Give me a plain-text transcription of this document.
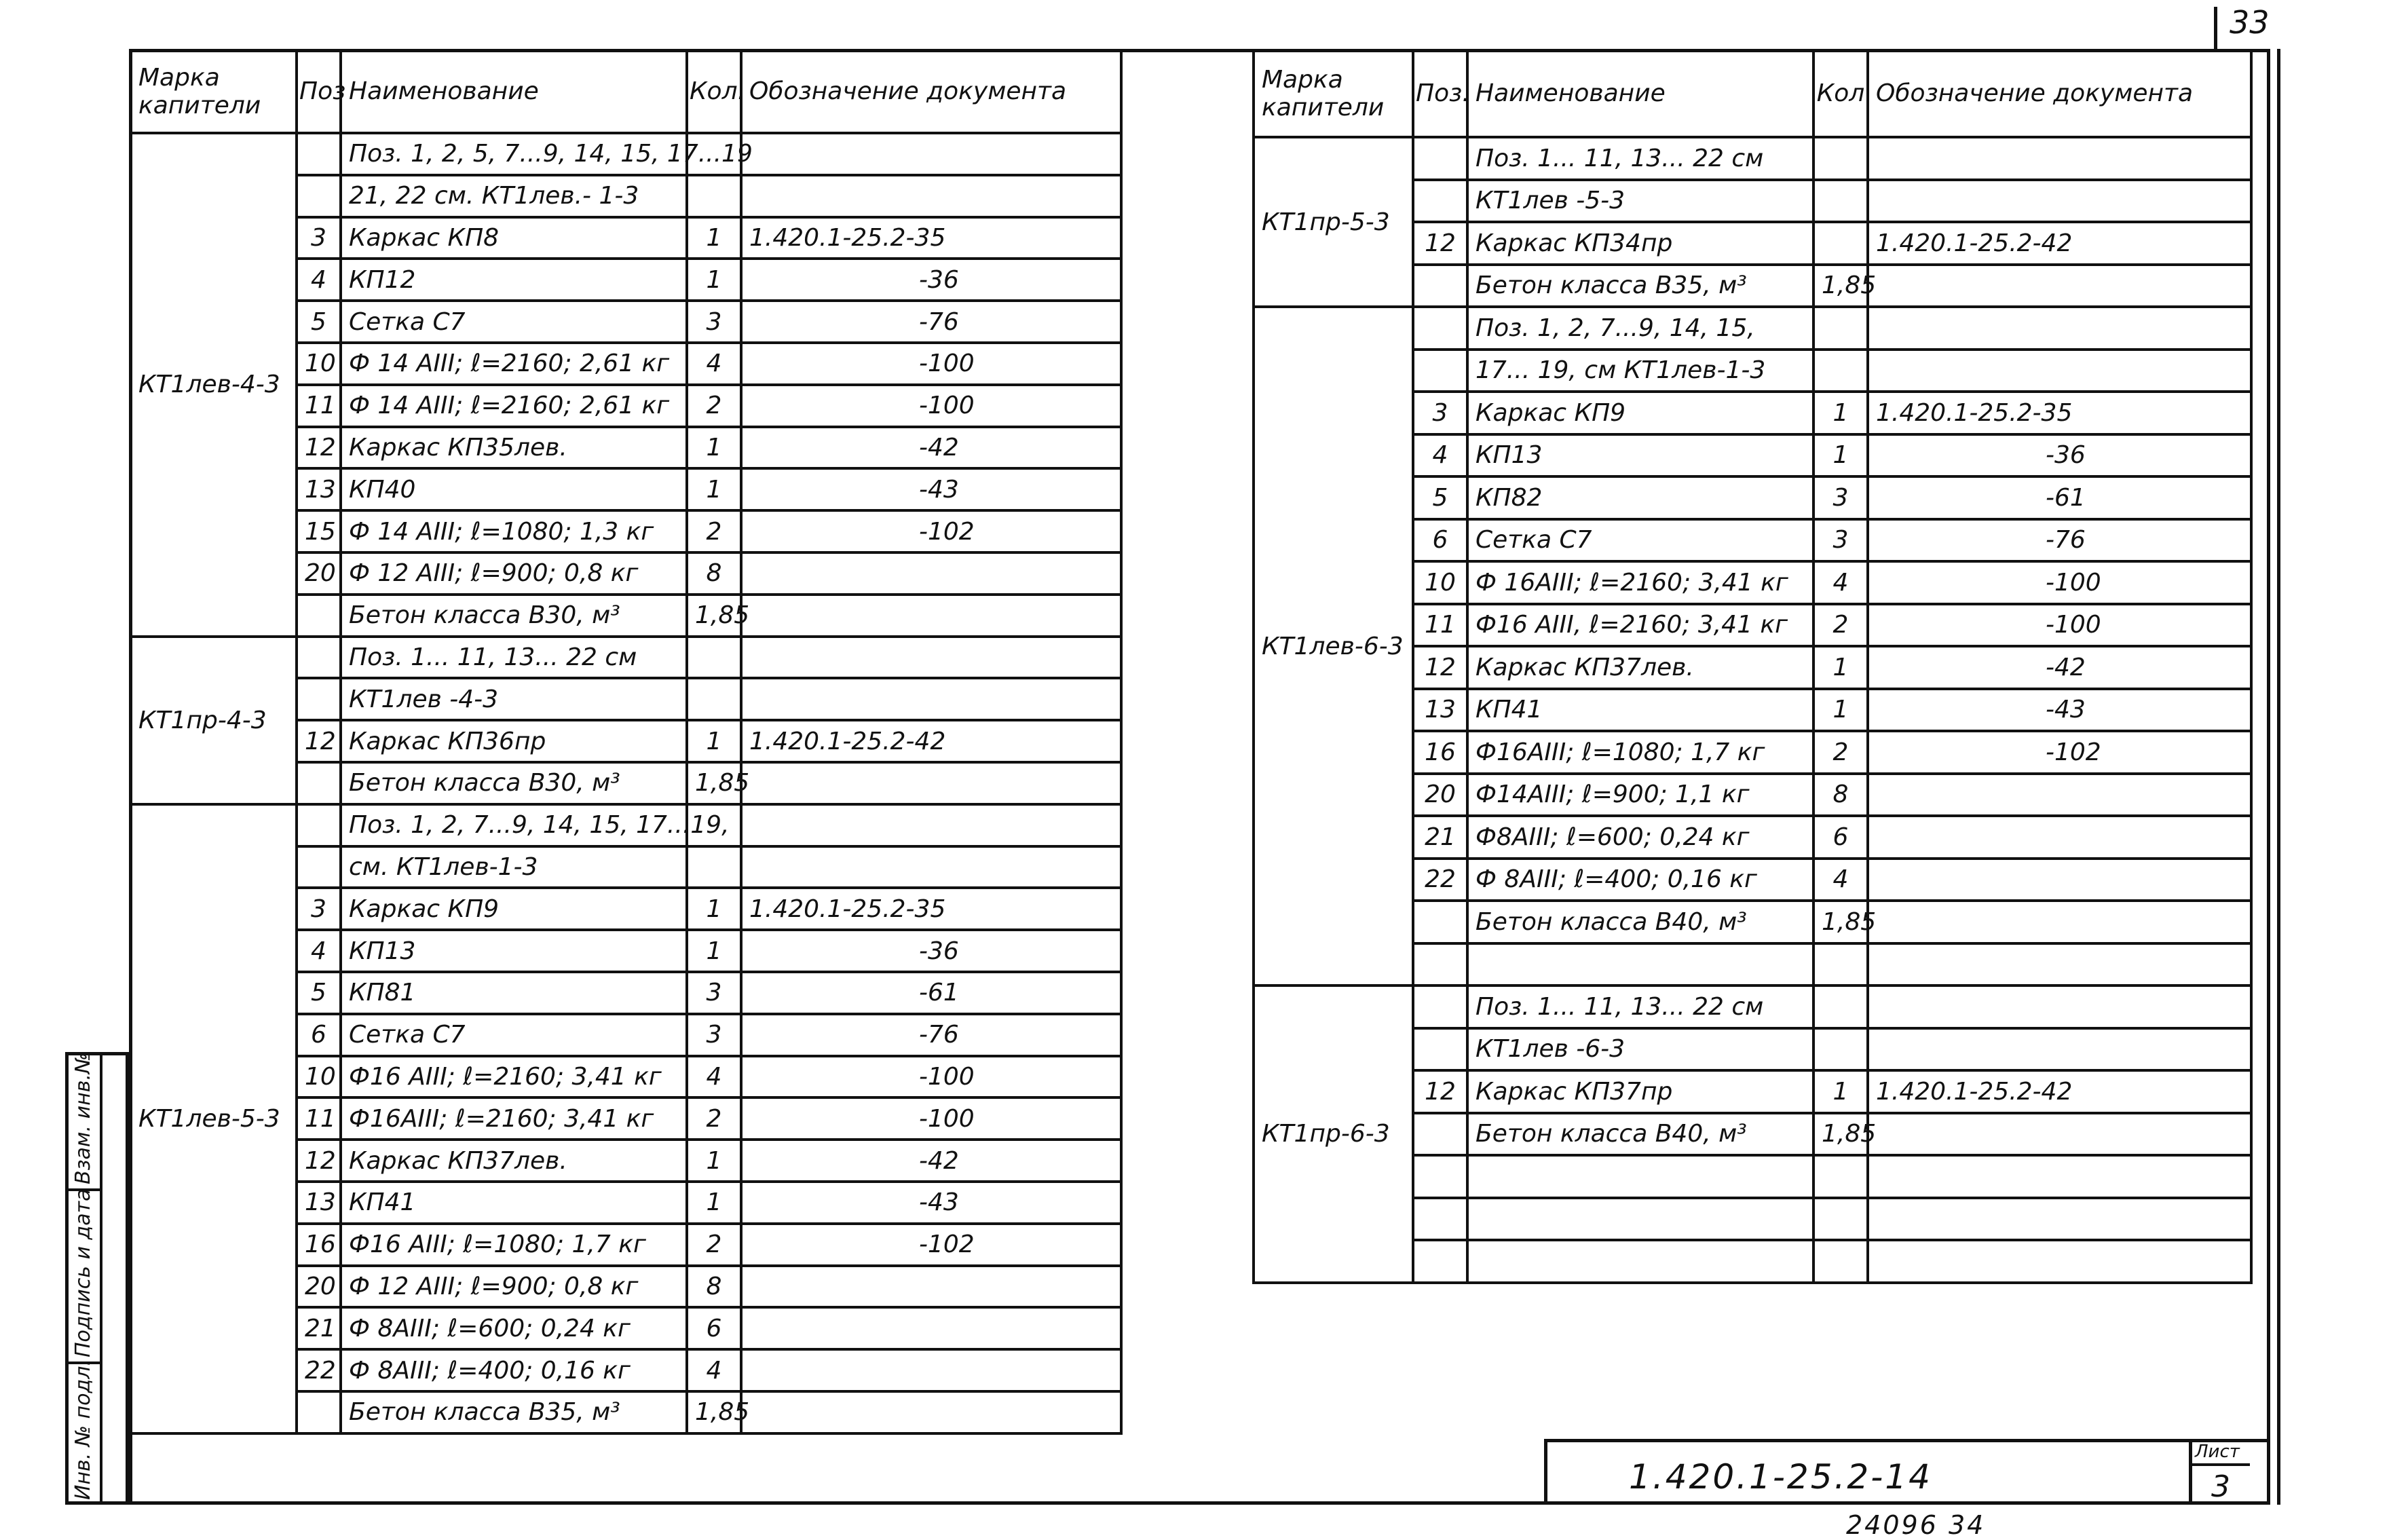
33
Марка капители	Поз	Наименование	Кол.	Обозначение документа
КТ1лев-4-3		Поз. 1, 2, 5, 7...9, 14, 15, 17...19		
		21, 22 см. КТ1лев.- 1-3		
	3	Каркас КП8	1	1.420.1-25.2-35
	4	КП12	1	-36
	5	Сетка С7	3	-76
	10	Ф 14 AIII; ℓ=2160; 2,61 кг	4	-100
	11	Ф 14 AIII; ℓ=2160; 2,61 кг	2	-100
	12	Каркас КП35лев.	1	-42
	13	КП40	1	-43
	15	Ф 14 AIII; ℓ=1080; 1,3 кг	2	-102
	20	Ф 12 AIII; ℓ=900; 0,8 кг	8	
		Бетон класса В30, м³	1,85	
КТ1пр-4-3		Поз. 1... 11, 13... 22 см		
		КТ1лев -4-3		
	12	Каркас КП36пр	1	1.420.1-25.2-42
		Бетон класса В30, м³	1,85	
КТ1лев-5-3		Поз. 1, 2, 7...9, 14, 15, 17...19,		
		см. КТ1лев-1-3		
	3	Каркас КП9	1	1.420.1-25.2-35
	4	КП13	1	-36
	5	КП81	3	-61
	6	Сетка С7	3	-76
	10	Ф16 AIII; ℓ=2160; 3,41 кг	4	-100
	11	Ф16AIII; ℓ=2160; 3,41 кг	2	-100
	12	Каркас КП37лев.	1	-42
	13	КП41	1	-43
	16	Ф16 AIII; ℓ=1080; 1,7 кг	2	-102
	20	Ф 12 AIII; ℓ=900; 0,8 кг	8	
	21	Ф 8AIII; ℓ=600; 0,24 кг	6	
	22	Ф 8AIII; ℓ=400; 0,16 кг	4	
		Бетон класса В35, м³	1,85	
Марка капители	Поз.	Наименование	Кол	Обозначение документа
КТ1пр-5-3		Поз. 1... 11, 13... 22 см		
		КТ1лев -5-3		
	12	Каркас КП34пр		1.420.1-25.2-42
		Бетон класса В35, м³	1,85	
КТ1лев-6-3		Поз. 1, 2, 7...9, 14, 15,		
		17... 19, см КТ1лев-1-3		
	3	Каркас КП9	1	1.420.1-25.2-35
	4	КП13	1	-36
	5	КП82	3	-61
	6	Сетка С7	3	-76
	10	Ф 16AIII; ℓ=2160; 3,41 кг	4	-100
	11	Ф16 AIII, ℓ=2160; 3,41 кг	2	-100
	12	Каркас КП37лев.	1	-42
	13	КП41	1	-43
	16	Ф16AIII; ℓ=1080; 1,7 кг	2	-102
	20	Ф14AIII; ℓ=900; 1,1 кг	8	
	21	Ф8AIII; ℓ=600; 0,24 кг	6	
	22	Ф 8AIII; ℓ=400; 0,16 кг	4	
		Бетон класса В40, м³	1,85	

КТ1пр-6-3		Поз. 1... 11, 13... 22 см		
		КТ1лев -6-3		
	12	Каркас КП37пр	1	1.420.1-25.2-42
		Бетон класса В40, м³	1,85	

Взам. инв.№
Подпись и дата
Инв. № подл.	1.420.1-25.2-14
Лист
3
24096 34
